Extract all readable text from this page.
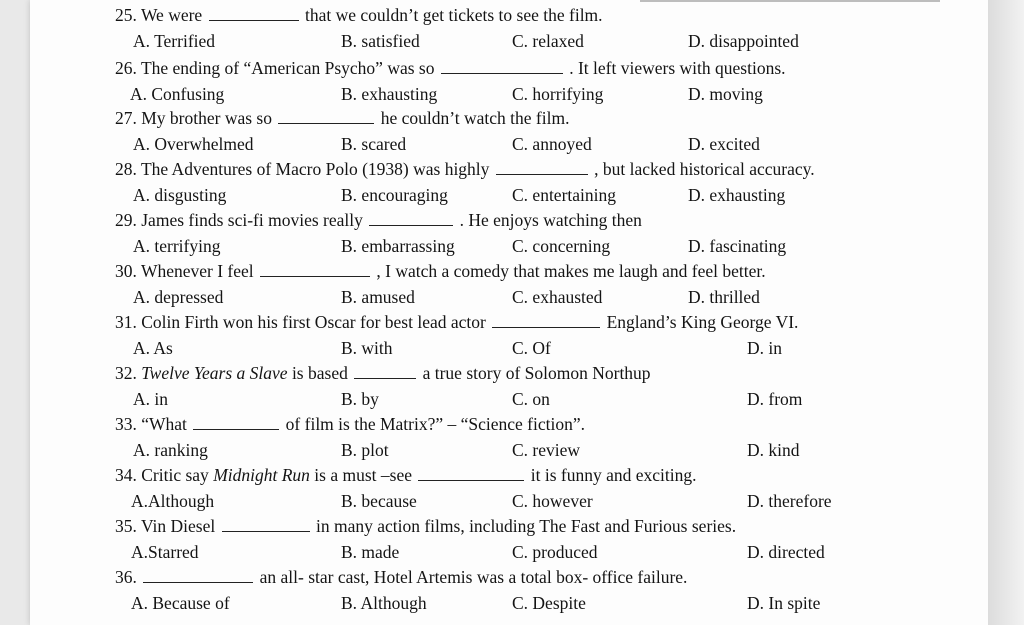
25. We were	that we couldn’t get tickets to see the film.
A. Terrified	B. satisfied	C. relaxed	D. disappointed
26. The ending of “American Psycho” was so	. It left viewers with questions.
A. Confusing	B. exhausting	C. horrifying	D. moving
27. My brother was so	he couldn’t watch the film.
A. Overwhelmed	B. scared	C. annoyed	D. excited
28. The Adventures of Macro Polo (1938) was highly	, but lacked historical accuracy.
A. disgusting	B. encouraging	C. entertaining	D. exhausting
29. James finds sci-fi movies really	. He enjoys watching then
A. terrifying	B. embarrassing	C. concerning	D. fascinating
30. Whenever I feel	, I watch a comedy that makes me laugh and feel better.
A. depressed	B. amused	C. exhausted	D. thrilled
31. Colin Firth won his first Oscar for best lead actor	England’s King George VI.
A. As	B. with	C. Of	D. in
32. Twelve Years a Slave is based	a true story of Solomon Northup
A. in	B. by	C. on	D. from
33. “What	of film is the Matrix?” – “Science fiction”.
A. ranking	B. plot	C. review	D. kind
34. Critic say Midnight Run is a must –see	it is funny and exciting.
A.Although	B. because	C. however	D. therefore
35. Vin Diesel	in many action films, including The Fast and Furious series.
A.Starred	B. made	C. produced	D. directed
36.	an all- star cast, Hotel Artemis was a total box- office failure.
A. Because of	B. Although	C. Despite	D. In spite
